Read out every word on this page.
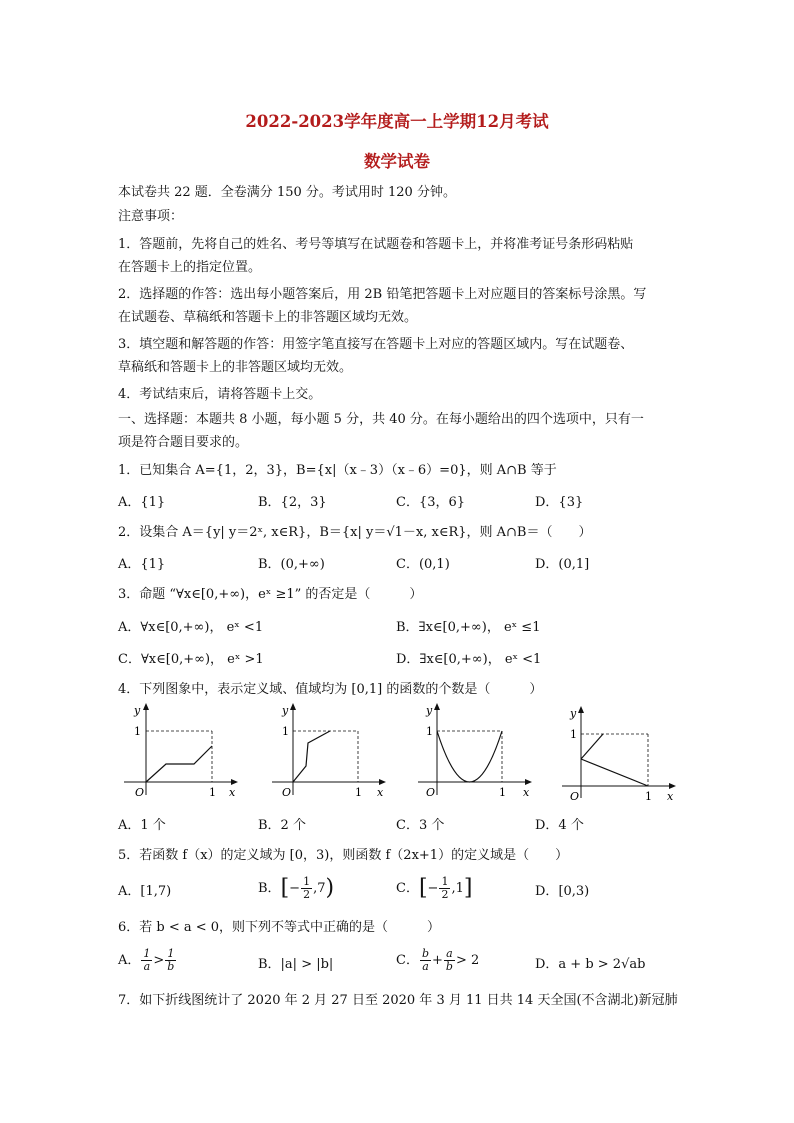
2022-2023学年度高一上学期12月考试
数学试卷
本试卷共 22 题．全卷满分 150 分。考试用时 120 分钟。
注意事项：
1．答题前，先将自己的姓名、考号等填写在试题卷和答题卡上，并将准考证号条形码粘贴
在答题卡上的指定位置。
2．选择题的作答：选出每小题答案后，用 2B 铅笔把答题卡上对应题目的答案标号涂黑。写
在试题卷、草稿纸和答题卡上的非答题区域均无效。
3．填空题和解答题的作答：用签字笔直接写在答题卡上对应的答题区域内。写在试题卷、
草稿纸和答题卡上的非答题区域均无效。
4．考试结束后，请将答题卡上交。
一、选择题：本题共 8 小题，每小题 5 分，共 40 分。在每小题给出的四个选项中，只有一
项是符合题目要求的。
1．已知集合 A={1，2，3}，B={x|（x﹣3）（x﹣6）=0}，则 A∩B 等于
A．{1}	B．{2，3}	C．{3，6}	D．{3}
2．设集合 A＝{y| y＝2ˣ, x∈R}，B＝{x| y＝√1－x, x∈R}，则 A∩B＝（　　）
A．{1}	B．(0,+∞)	C．(0,1)	D．(0,1]
3．命题 “∀x∈[0,+∞)，eˣ ≥1” 的否定是（　　　）
A．∀x∈[0,+∞)， eˣ <1	B．∃x∈[0,+∞)， eˣ ≤1
C．∀x∈[0,+∞)， eˣ >1	D．∃x∈[0,+∞)， eˣ <1
4．下列图象中，表示定义域、值域均为 [0,1] 的函数的个数是（　　　）
y
1
O	1 x
y
1
O	1 x
y
1
O	1 x
y
1
O	1 x
A．1 个	B．2 个	C．3 个	D．4 个
5．若函数 f（x）的定义域为 [0，3)，则函数 f（2x+1）的定义域是（　　）
A．[1,7)	B．[− $\frac{1}{2} ,7$)	C．[− $\frac{1}{2} ,1$]	D．[0,3)
6．若 b < a < 0，则下列不等式中正确的是（　　　）
A． $\frac{1}{a} > \frac{1}{b}$	B．|a| > |b|	C． $\frac{b}{a} + \frac{a}{b} > 2$	D．a + b > 2√ab
7．如下折线图统计了 2020 年 2 月 27 日至 2020 年 3 月 11 日共 14 天全国(不含湖北)新冠肺
